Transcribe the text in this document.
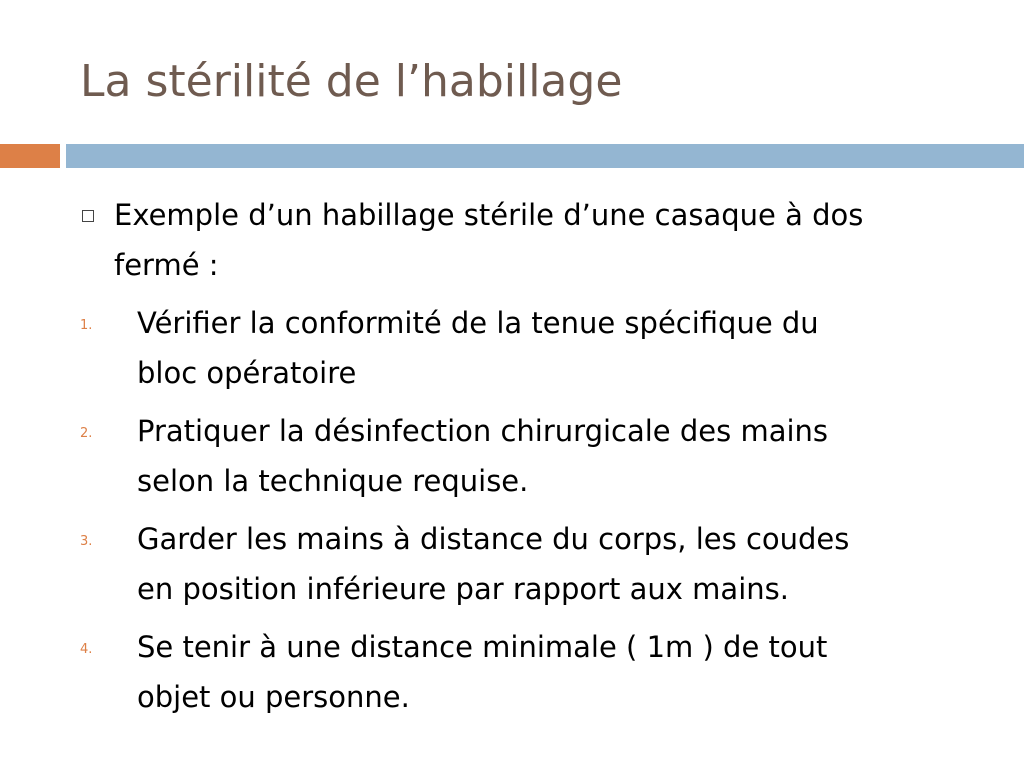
La stérilité de l’habillage
Exemple d’un habillage stérile d’une casaque à dos
fermé :
1. Vérifier la conformité de la tenue spécifique du
bloc opératoire
2. Pratiquer la désinfection chirurgicale des mains
selon la technique requise.
3. Garder les mains à distance du corps, les coudes
en position inférieure par rapport aux mains.
4. Se tenir à une distance minimale ( 1m ) de tout
objet ou personne.
